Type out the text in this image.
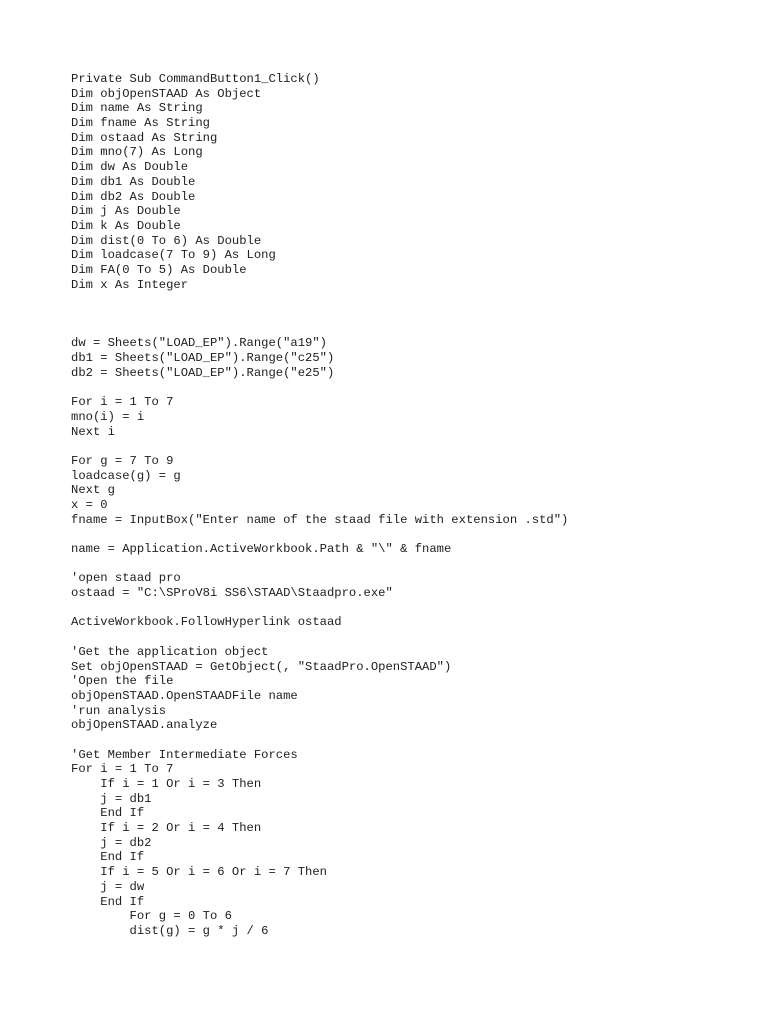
Private Sub CommandButton1_Click()
Dim objOpenSTAAD As Object
Dim name As String
Dim fname As String
Dim ostaad As String
Dim mno(7) As Long
Dim dw As Double
Dim db1 As Double
Dim db2 As Double
Dim j As Double
Dim k As Double
Dim dist(0 To 6) As Double
Dim loadcase(7 To 9) As Long
Dim FA(0 To 5) As Double
Dim x As Integer
dw = Sheets("LOAD_EP").Range("a19")
db1 = Sheets("LOAD_EP").Range("c25")
db2 = Sheets("LOAD_EP").Range("e25")
For i = 1 To 7
mno(i) = i
Next i
For g = 7 To 9
loadcase(g) = g
Next g
x = 0
fname = InputBox("Enter name of the staad file with extension .std")
name = Application.ActiveWorkbook.Path & "\" & fname
'open staad pro
ostaad = "C:\SProV8i SS6\STAAD\Staadpro.exe"
ActiveWorkbook.FollowHyperlink ostaad
'Get the application object
Set objOpenSTAAD = GetObject(, "StaadPro.OpenSTAAD")
'Open the file
objOpenSTAAD.OpenSTAADFile name
'run analysis
objOpenSTAAD.analyze
'Get Member Intermediate Forces
For i = 1 To 7
If i = 1 Or i = 3 Then
j = db1
End If
If i = 2 Or i = 4 Then
j = db2
End If
If i = 5 Or i = 6 Or i = 7 Then
j = dw
End If
For g = 0 To 6
dist(g) = g * j / 6
